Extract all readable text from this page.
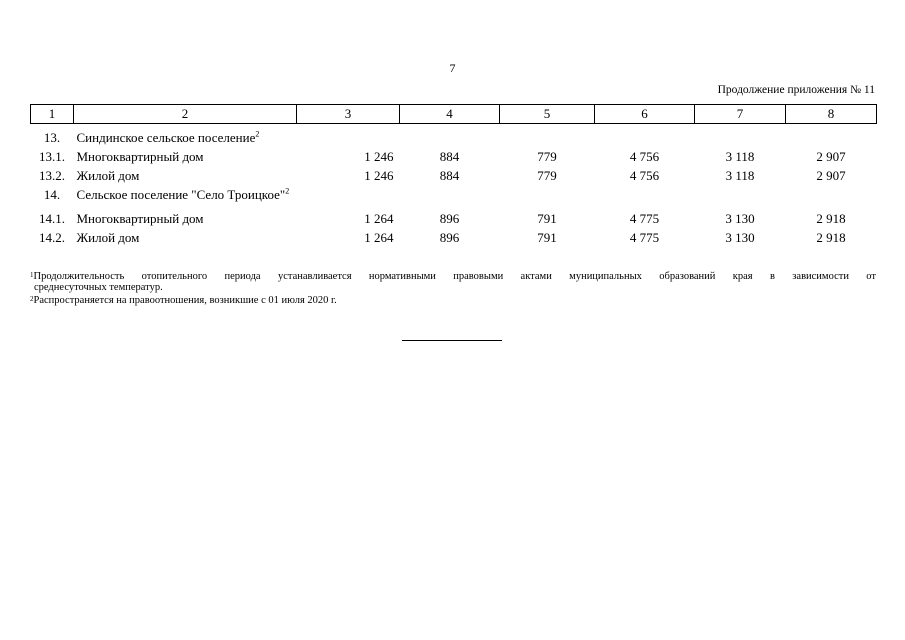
7
Продолжение приложения № 11
1	2	3	4	5	6	7	8
13.	Синдинское сельское поселение$^2$						
13.1.	Многоквартирный дом	1 246	884	779	4 756	3 118	2 907
13.2.	Жилой дом	1 246	884	779	4 756	3 118	2 907
14.	Сельское поселение "Село Троицкое"$^2$						
14.1.	Многоквартирный дом	1 264	896	791	4 775	3 130	2 918
14.2.	Жилой дом	1 264	896	791	4 775	3 130	2 918
$^1$Продолжительность отопительного периода устанавливается нормативными правовыми актами муниципальных образований края в зависимости от
среднесуточных температур.
$^2$Распространяется на правоотношения, возникшие с 01 июля 2020 г.
